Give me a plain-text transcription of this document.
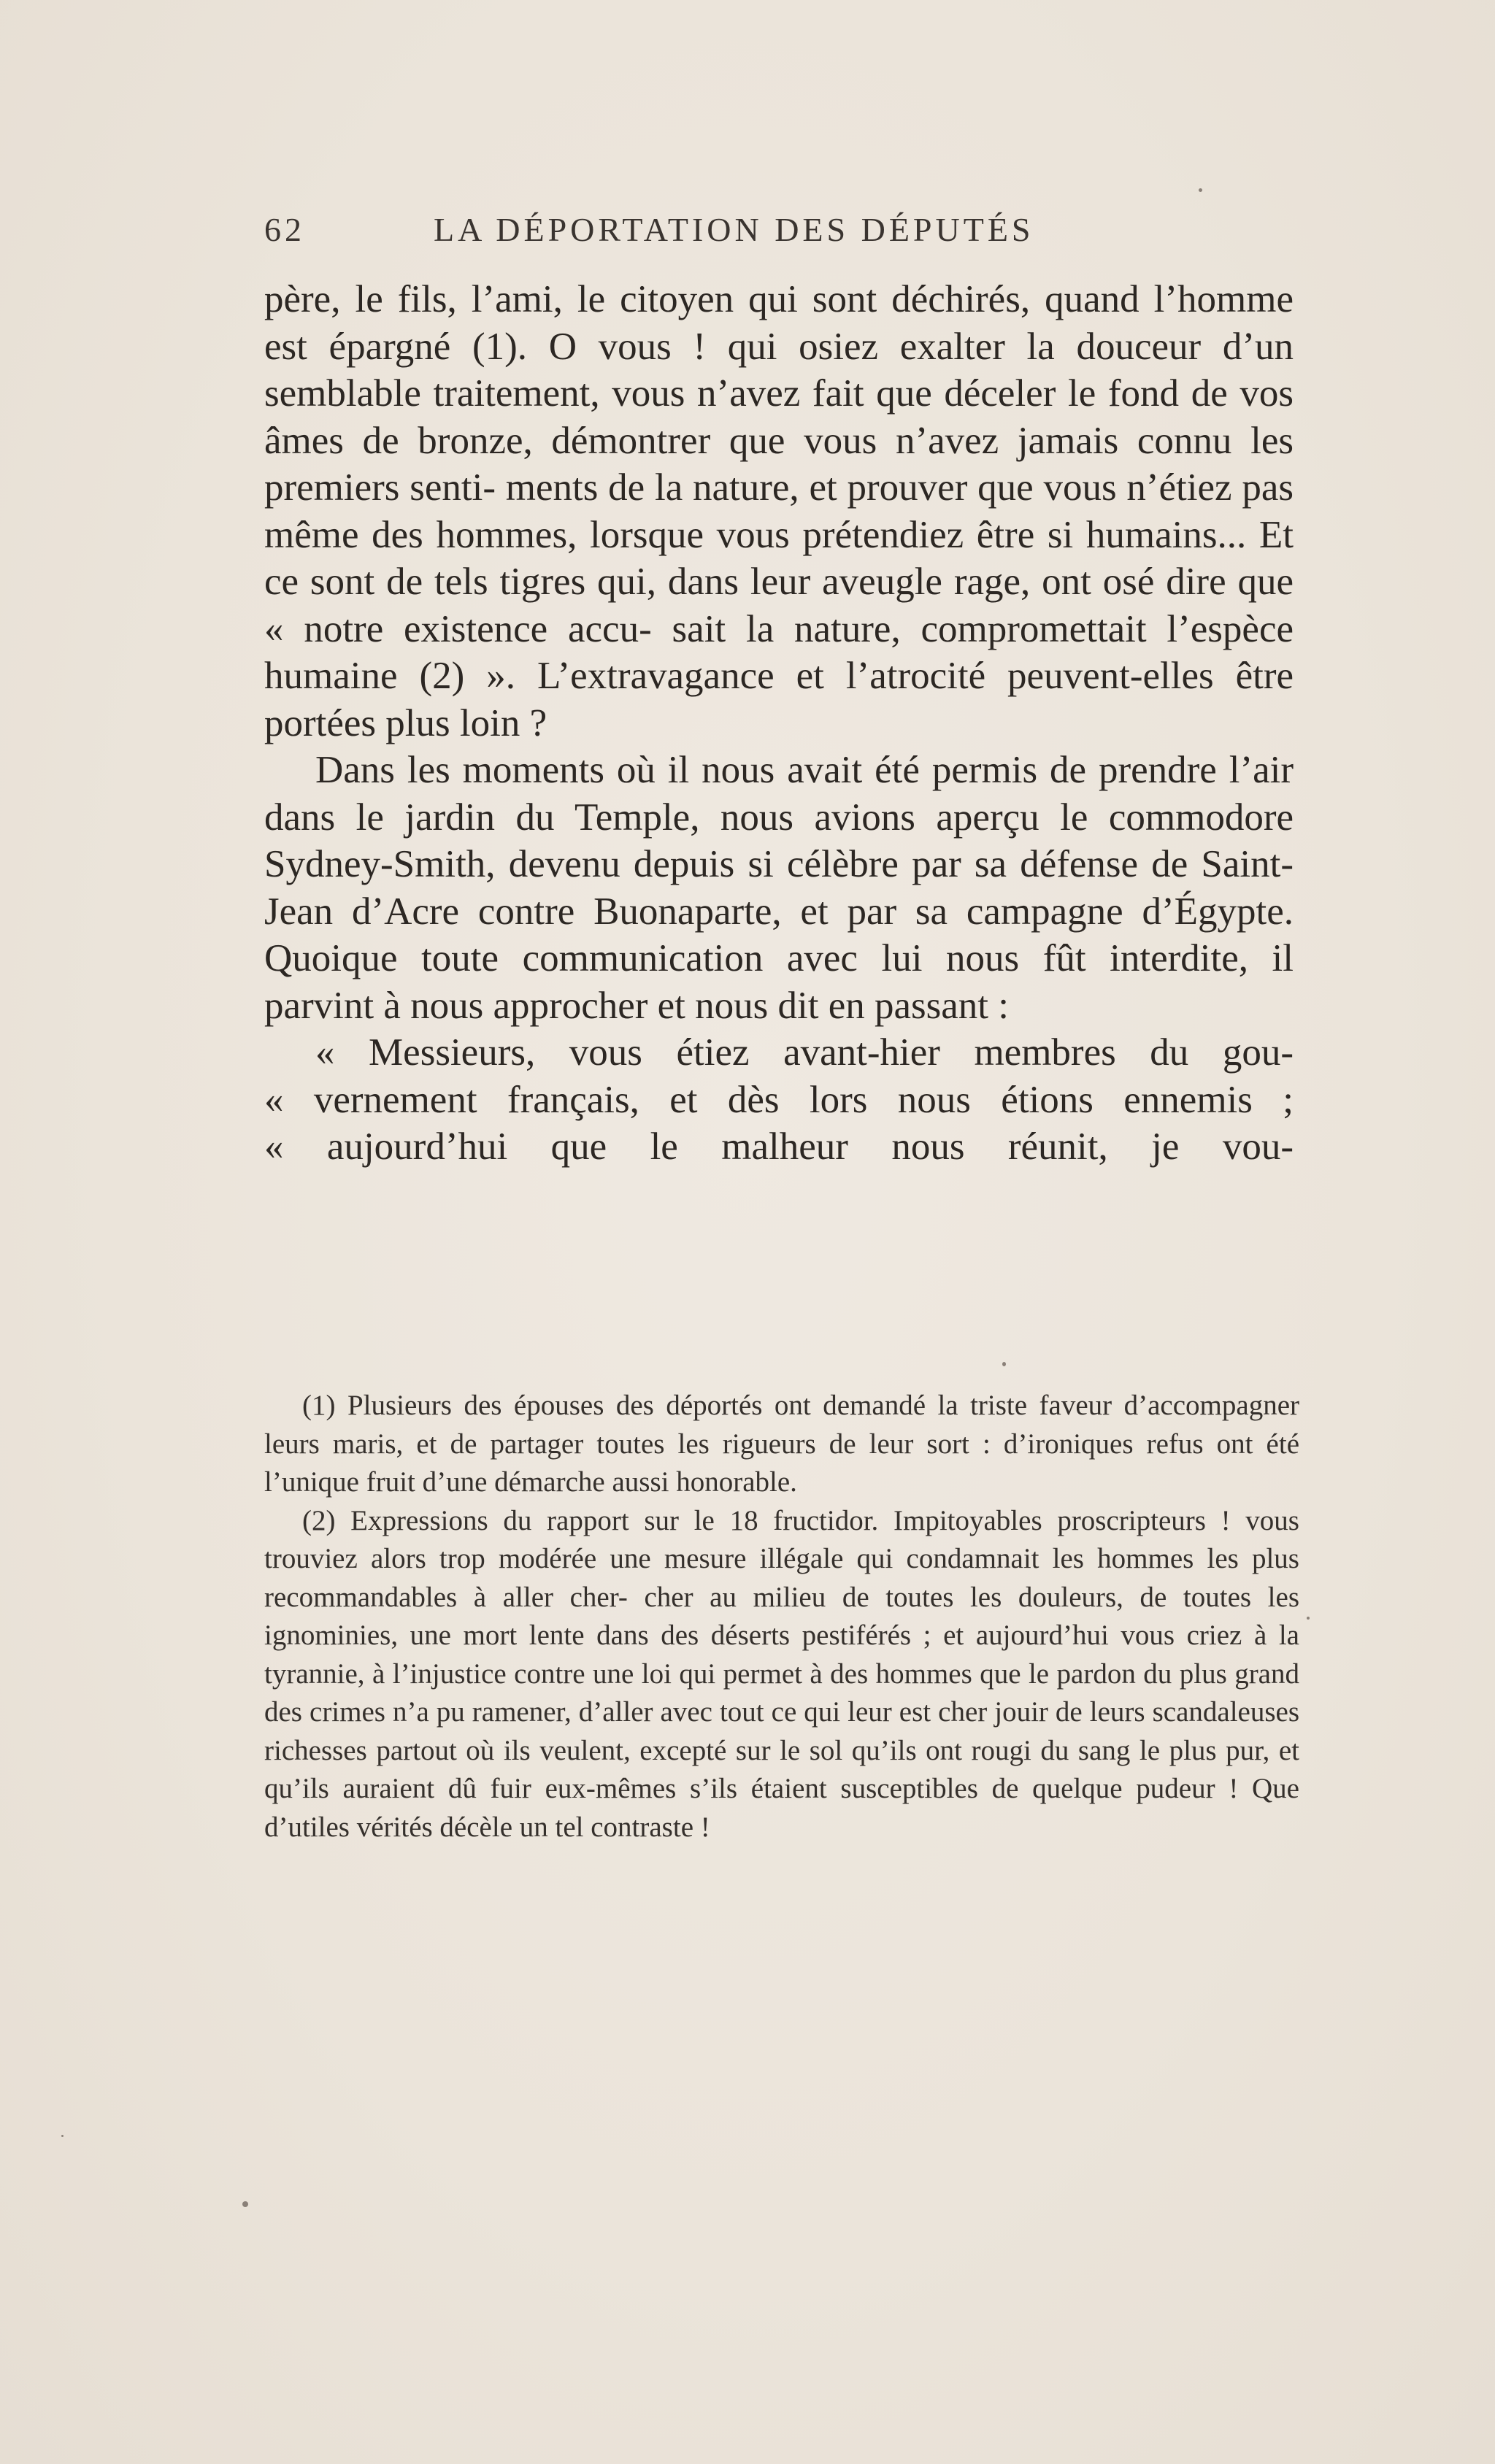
62	LA DÉPORTATION DES DÉPUTÉS

père, le fils, l’ami, le citoyen qui sont déchirés, quand l’homme est épargné (1). O vous ! qui osiez exalter la douceur d’un semblable traitement, vous n’avez fait que déceler le fond de vos âmes de bronze, démontrer que vous n’avez jamais connu les premiers senti- ments de la nature, et prouver que vous n’étiez pas même des hommes, lorsque vous prétendiez être si humains... Et ce sont de tels tigres qui, dans leur aveugle rage, ont osé dire que « notre existence accu- sait la nature, compromettait l’espèce humaine (2) ». L’extravagance et l’atrocité peuvent-elles être portées plus loin ?

Dans les moments où il nous avait été permis de prendre l’air dans le jardin du Temple, nous avions aperçu le commodore Sydney-Smith, devenu depuis si célèbre par sa défense de Saint-Jean d’Acre contre Buonaparte, et par sa campagne d’Égypte. Quoique toute communication avec lui nous fût interdite, il parvint à nous approcher et nous dit en passant :

« Messieurs, vous étiez avant-hier membres du gou-
« vernement français, et dès lors nous étions ennemis ;
« aujourd’hui que le malheur nous réunit, je vou-

(1) Plusieurs des épouses des déportés ont demandé la triste faveur d’accompagner leurs maris, et de partager toutes les rigueurs de leur sort : d’ironiques refus ont été l’unique fruit d’une démarche aussi honorable.

(2) Expressions du rapport sur le 18 fructidor. Impitoyables proscripteurs ! vous trouviez alors trop modérée une mesure illégale qui condamnait les hommes les plus recommandables à aller cher- cher au milieu de toutes les douleurs, de toutes les ignominies, une mort lente dans des déserts pestiférés ; et aujourd’hui vous criez à la tyrannie, à l’injustice contre une loi qui permet à des hommes que le pardon du plus grand des crimes n’a pu ramener, d’aller avec tout ce qui leur est cher jouir de leurs scandaleuses richesses partout où ils veulent, excepté sur le sol qu’ils ont rougi du sang le plus pur, et qu’ils auraient dû fuir eux-mêmes s’ils étaient susceptibles de quelque pudeur ! Que d’utiles vérités décèle un tel contraste !
